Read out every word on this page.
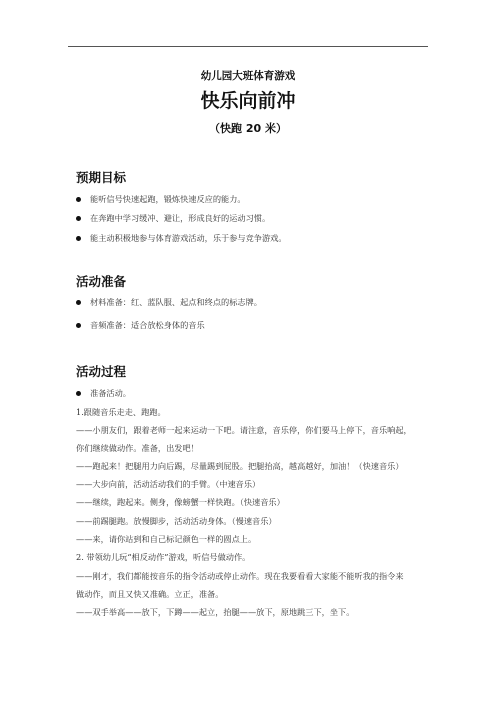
幼儿园大班体育游戏
快乐向前冲
（快跑 20 米）
预期目标
能听信号快速起跑，锻炼快速反应的能力。
在奔跑中学习缓冲、避让，形成良好的运动习惯。
能主动积极地参与体育游戏活动，乐于参与竞争游戏。
活动准备
材料准备：红、蓝队服、起点和终点的标志牌。
音频准备：适合放松身体的音乐
活动过程
准备活动。
1.跟随音乐走走、跑跑。
——小朋友们，跟着老师一起来运动一下吧。请注意，音乐停，你们要马上停下，音乐响起，
你们继续做动作。准备，出发吧！
——跑起来！把腿用力向后踢，尽量踢到屁股。把腿抬高，越高越好，加油！（快速音乐）
——大步向前，活动活动我们的手臂。（中速音乐）
——继续，跑起来。侧身，像螃蟹一样快跑。（快速音乐）
——前踢腿跑。放慢脚步，活动活动身体。（慢速音乐）
——来，请你站到和自己标记颜色一样的圆点上。
2. 带领幼儿玩“相反动作”游戏，听信号做动作。
——刚才，我们都能按音乐的指令活动或停止动作。现在我要看看大家能不能听我的指令来
做动作，而且又快又准确。立正，准备。
——双手举高——放下，下蹲——起立，抬腿——放下，原地跳三下，坐下。
